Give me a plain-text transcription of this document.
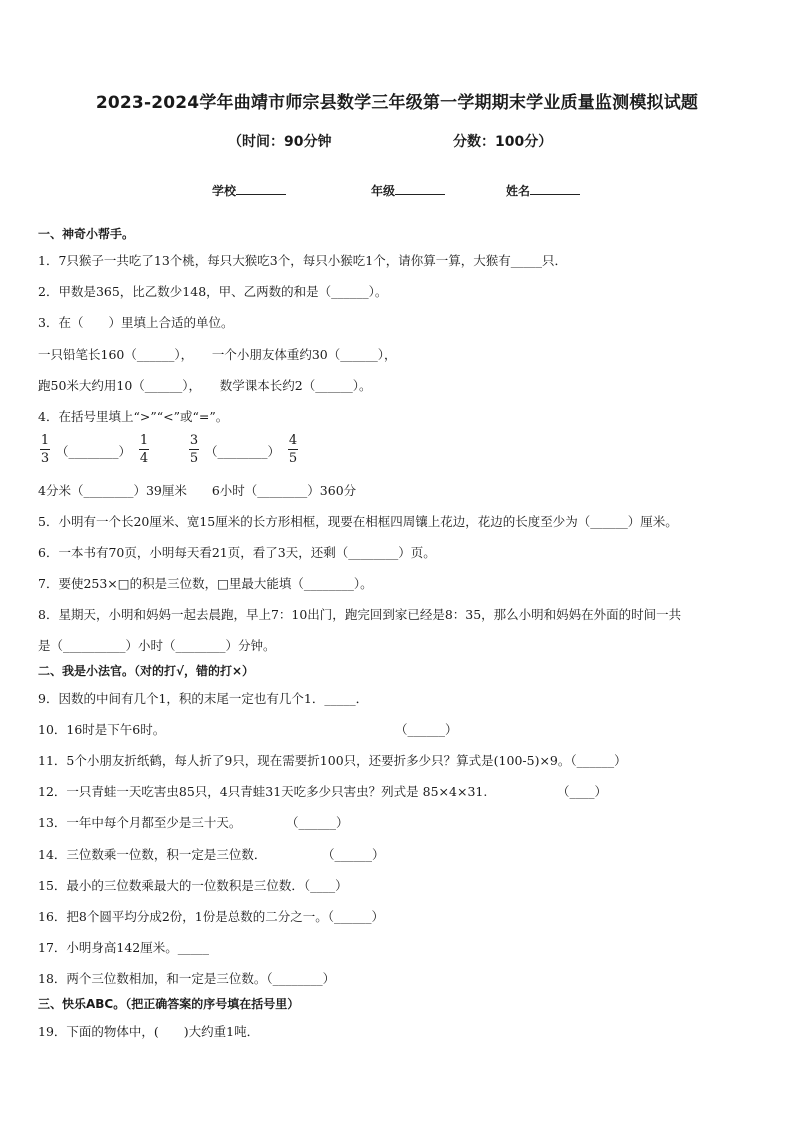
2023-2024学年曲靖市师宗县数学三年级第一学期期末学业质量监测模拟试题
（时间：90分钟	分数：100分）
学校	年级	姓名
一、神奇小帮手。
1．7只猴子一共吃了13个桃，每只大猴吃3个，每只小猴吃1个，请你算一算，大猴有_____只．
2．甲数是365，比乙数少148，甲、乙两数的和是（______）。
3．在（　　）里填上合适的单位。
一只铅笔长160（______），　　一个小朋友体重约30（______），
跑50米大约用10（______），　　数学课本长约2（______）。
4．在括号里填上“>”“<”或“=”。
1
3 （________）
1
4
3
5 （________）
4
5
4分米（________）39厘米　　6小时（________）360分
5．小明有一个长20厘米、宽15厘米的长方形相框，现要在相框四周镶上花边，花边的长度至少为（______）厘米。
6．一本书有70页，小明每天看21页，看了3天，还剩（________）页。
7．要使253×□的积是三位数，□里最大能填（________）。
8．星期天，小明和妈妈一起去晨跑，早上7：10出门，跑完回到家已经是8：35，那么小明和妈妈在外面的时间一共
是（__________）小时（________）分钟。
二、我是小法官。（对的打√，错的打×）
9．因数的中间有几个1，积的末尾一定也有几个1．_____．
10．16时是下午6时。	（______）
11．5个小朋友折纸鹤，每人折了9只，现在需要折100只，还要折多少只？算式是(100-5)×9。（______）
12．一只青蛙一天吃害虫85只，4只青蛙31天吃多少只害虫？列式是 85×4×31.	（____）
13．一年中每个月都至少是三十天。	（______）
14．三位数乘一位数，积一定是三位数．	（______）
15．最小的三位数乘最大的一位数积是三位数．（____）
16．把8个圆平均分成2份，1份是总数的二分之一。（______）
17．小明身高142厘米。_____
18．两个三位数相加，和一定是三位数。（________）
三、快乐ABC。（把正确答案的序号填在括号里）
19．下面的物体中，(　　)大约重1吨．
